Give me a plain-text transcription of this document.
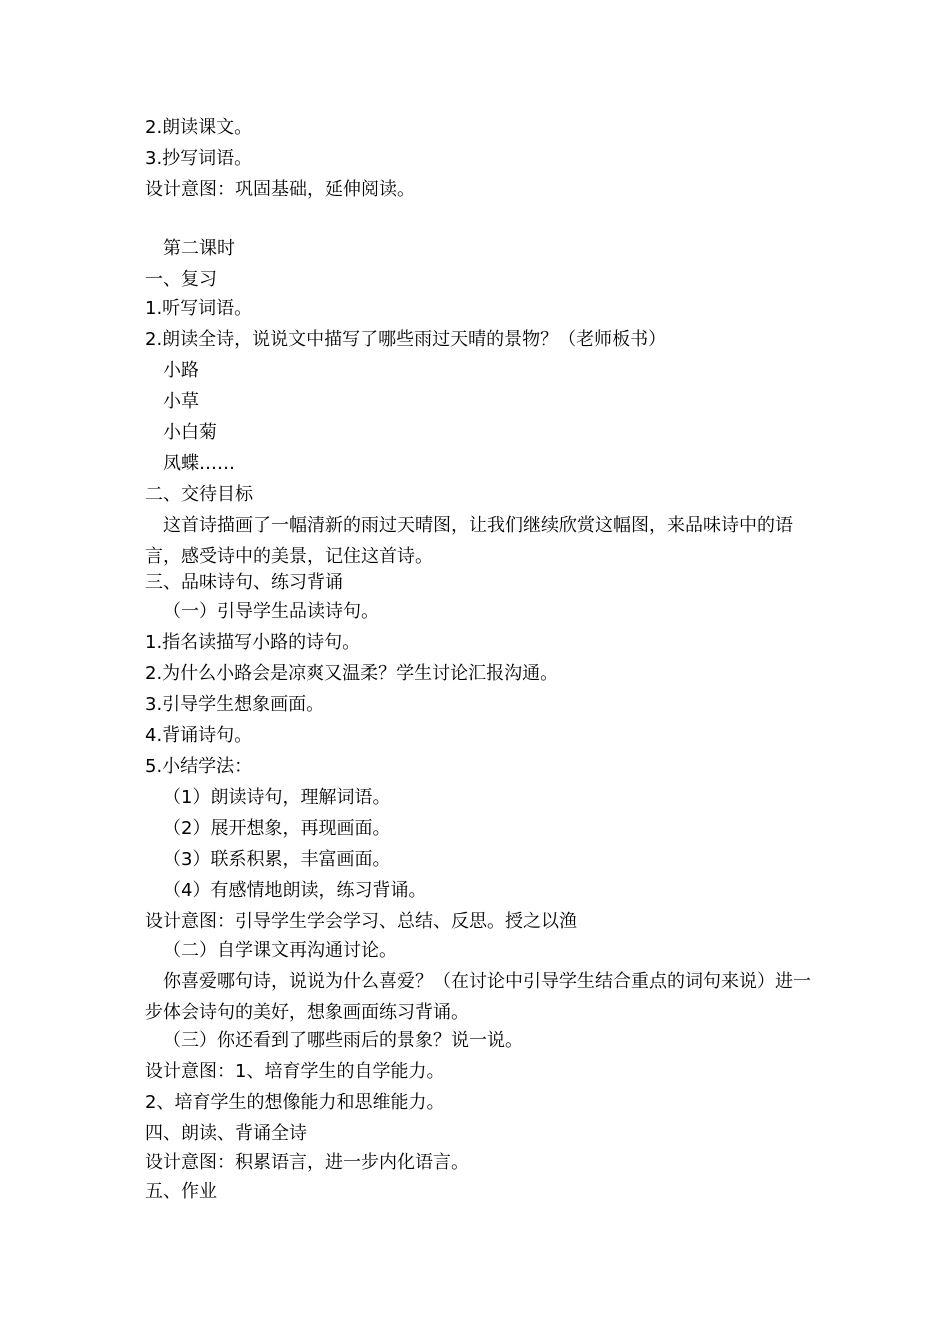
2.朗读课文。
3.抄写词语。
设计意图：巩固基础，延伸阅读。
第二课时
一、复习
1.听写词语。
2.朗读全诗，说说文中描写了哪些雨过天晴的景物？（老师板书）
小路
小草
小白菊
凤蝶……
二、交待目标
这首诗描画了一幅清新的雨过天晴图，让我们继续欣赏这幅图，来品味诗中的语言，感受诗中的美景，记住这首诗。
三、品味诗句、练习背诵
（一）引导学生品读诗句。
1.指名读描写小路的诗句。
2.为什么小路会是凉爽又温柔？学生讨论汇报沟通。
3.引导学生想象画面。
4.背诵诗句。
5.小结学法：
（1）朗读诗句，理解词语。
（2）展开想象，再现画面。
（3）联系积累，丰富画面。
（4）有感情地朗读，练习背诵。
设计意图：引导学生学会学习、总结、反思。授之以渔
（二）自学课文再沟通讨论。
你喜爱哪句诗，说说为什么喜爱？（在讨论中引导学生结合重点的词句来说）进一步体会诗句的美好，想象画面练习背诵。
（三）你还看到了哪些雨后的景象？说一说。
设计意图：1、培育学生的自学能力。
2、培育学生的想像能力和思维能力。
四、朗读、背诵全诗
设计意图：积累语言，进一步内化语言。
五、作业
